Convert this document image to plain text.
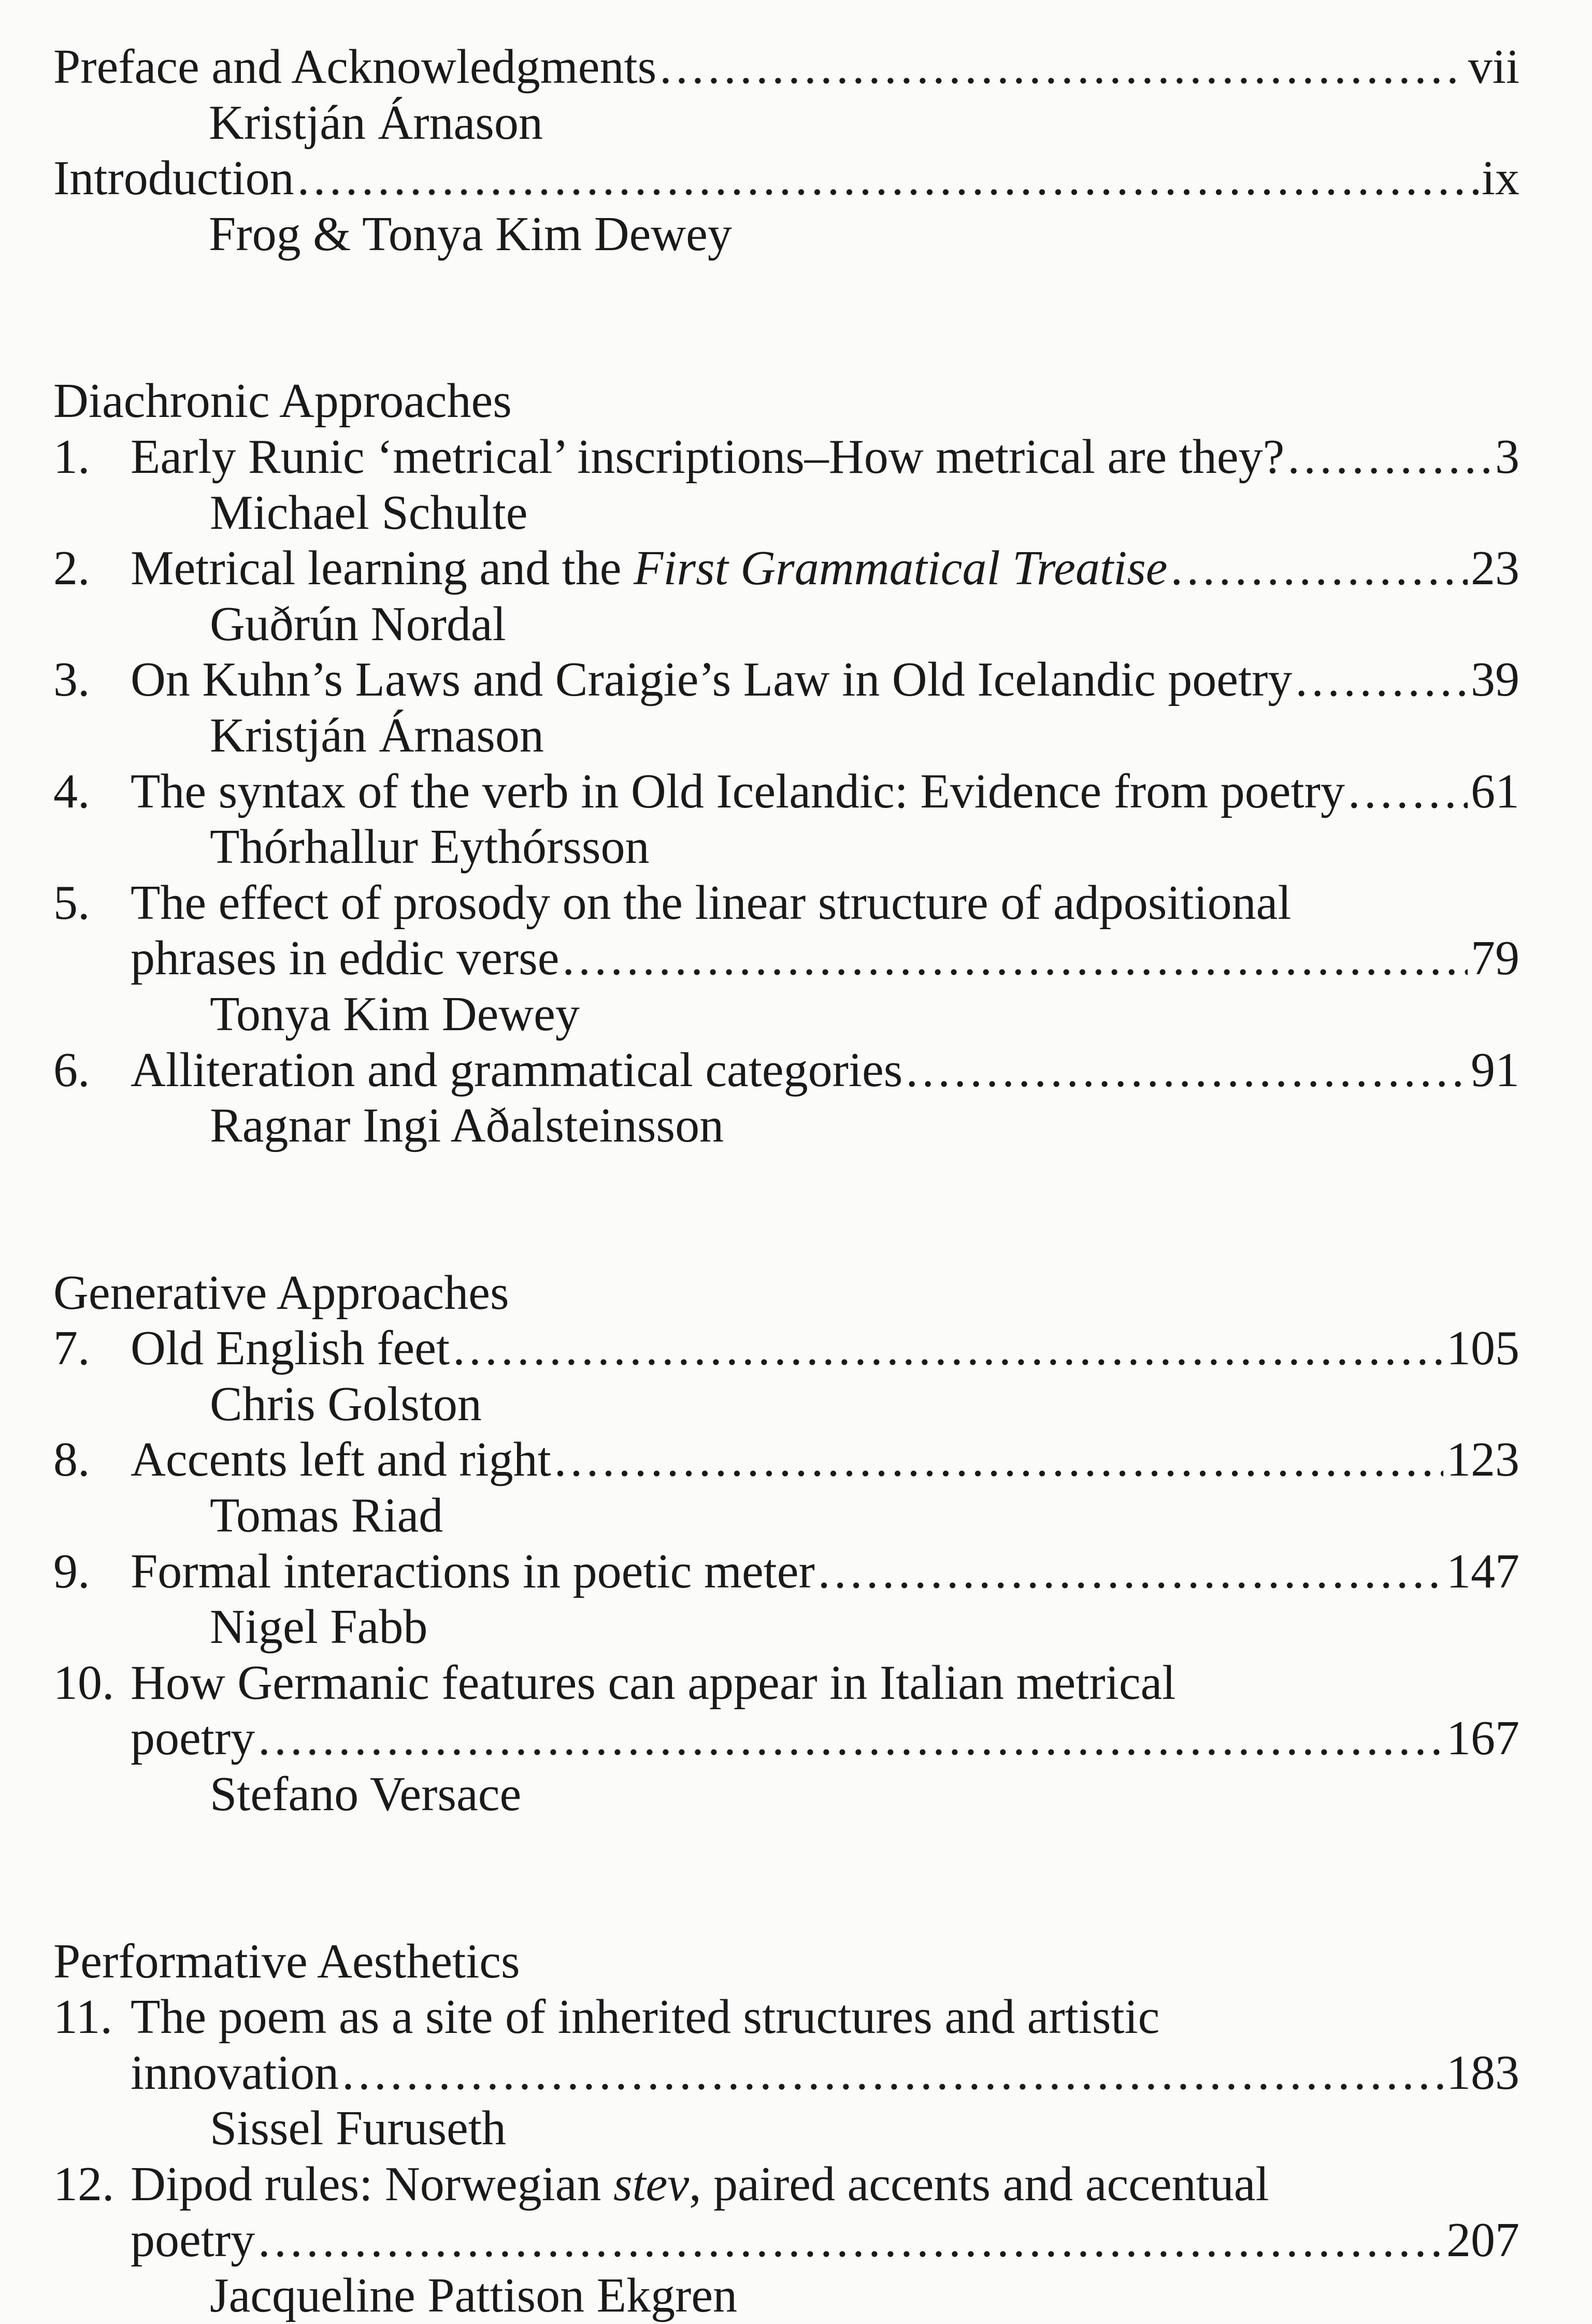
Preface and Acknowledgments . . .	vii
Kristján Árnason
Introduction . . .	ix
Frog & Tonya Kim Dewey
Diachronic Approaches
1. Early Runic ‘metrical’ inscriptions–How metrical are they? . . .	3
Michael Schulte
2. Metrical learning and the First Grammatical Treatise . . .	23
Guðrún Nordal
3. On Kuhn’s Laws and Craigie’s Law in Old Icelandic poetry . . .	39
Kristján Árnason
4. The syntax of the verb in Old Icelandic: Evidence from poetry . . .	61
Thórhallur Eythórsson
5. The effect of prosody on the linear structure of adpositional
phrases in eddic verse . . .	79
Tonya Kim Dewey
6. Alliteration and grammatical categories . . .	91
Ragnar Ingi Aðalsteinsson
Generative Approaches
7. Old English feet . . .	105
Chris Golston
8. Accents left and right . . .	123
Tomas Riad
9. Formal interactions in poetic meter . . .	147
Nigel Fabb
10. How Germanic features can appear in Italian metrical
poetry . . .	167
Stefano Versace
Performative Aesthetics
11. The poem as a site of inherited structures and artistic
innovation . . .	183
Sissel Furuseth
12. Dipod rules: Norwegian stev, paired accents and accentual
poetry . . .	207
Jacqueline Pattison Ekgren
